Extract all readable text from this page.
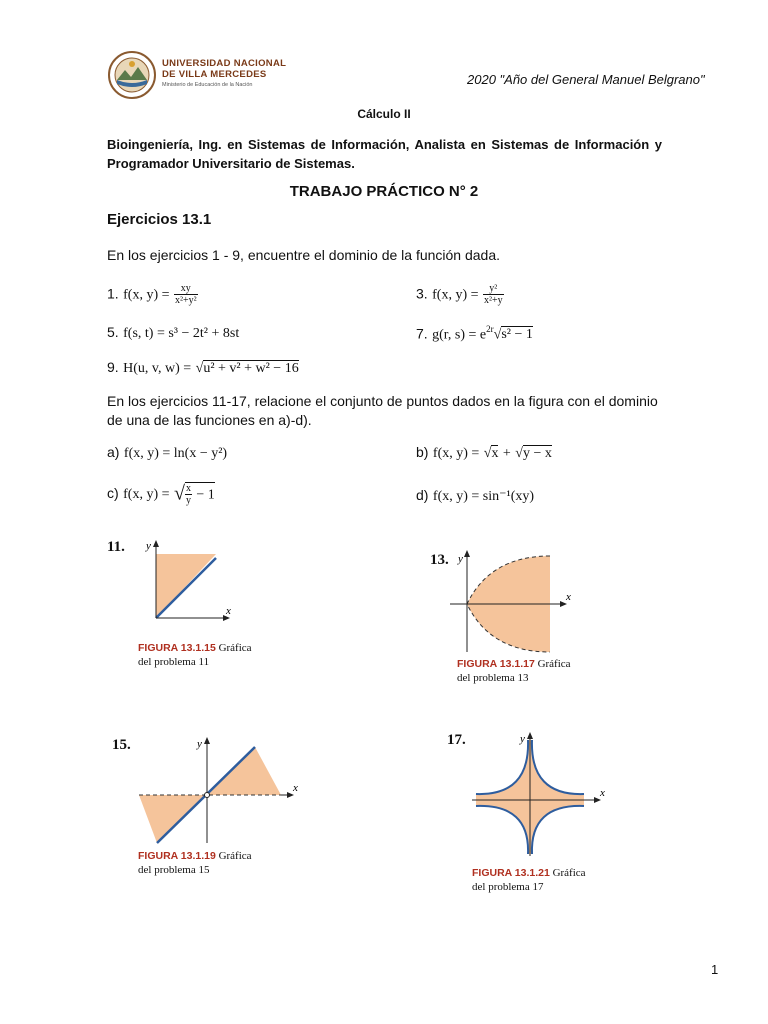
UNIVERSIDAD NACIONAL
DE VILLA MERCEDES
Ministerio de Educación de la Nación	2020 "Año del General Manuel Belgrano"
Cálculo II
Bioingeniería, Ing. en Sistemas de Información, Analista en Sistemas de Información y Programador Universitario de Sistemas.
TRABAJO PRÁCTICO N° 2
Ejercicios 13.1
En los ejercicios 1 - 9, encuentre el dominio de la función dada.
1. f(x, $y) = \frac{xy}{\text{x²+y²}}$	3. f(x, $y) = \frac{\text{y²}}{\text{x²+y}}$
5. f(s, t) = s³ − 2t² + 8st	7. g(r, $s) = e^{2r}√s^2 - 1$
9. H(u, v, w) = √u² + v² + w² − 16
En los ejercicios 11-17, relacione el conjunto de puntos dados en la figura con el dominio de una de las funciones en a)-d).
a) f(x, y) = ln(x − y²)	b) f(x, y) = √x + √y − x
c) f(x, y) = √ $\frac{x}{y} - 1$	d) f(x, y) = sin⁻¹(xy)
11. y
x
FIGURA 13.1.15 Gráfica
del problema 11
13. y
x
FIGURA 13.1.17 Gráfica
del problema 13
15.	y
x
FIGURA 13.1.19 Gráfica
del problema 15
17.	y
x
FIGURA 13.1.21 Gráfica
del problema 17
1
